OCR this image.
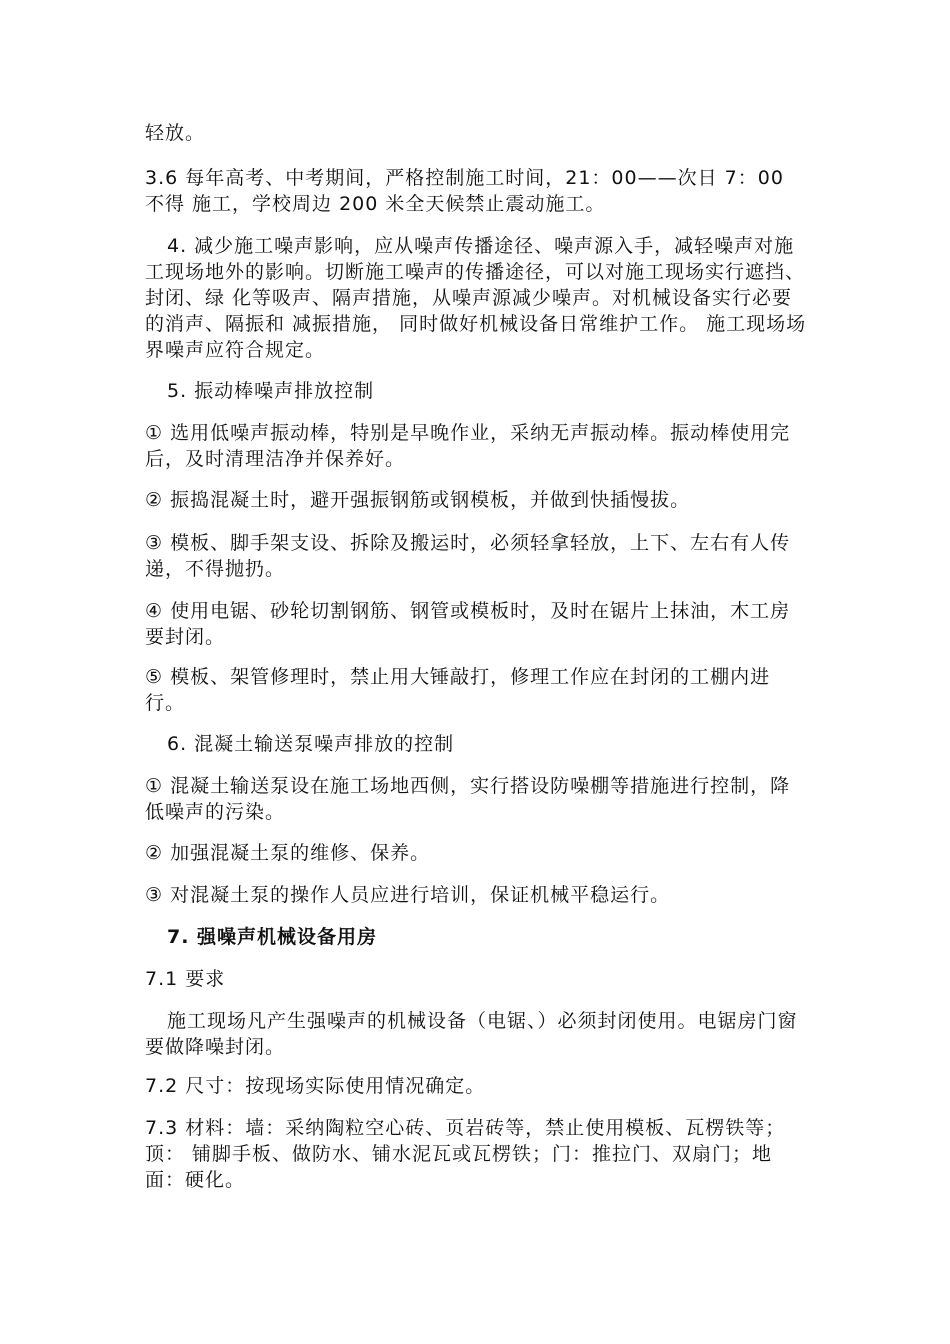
轻放。

3.6 每年高考、中考期间，严格控制施工时间，21：00——次日 7：00 不得 施工，学校周边 200 米全天候禁止震动施工。

4. 减少施工噪声影响，应从噪声传播途径、噪声源入手，减轻噪声对施工现场地外的影响。切断施工噪声的传播途径，可以对施工现场实行遮挡、封闭、绿 化等吸声、隔声措施，从噪声源减少噪声。对机械设备实行必要的消声、隔振和 减振措施， 同时做好机械设备日常维护工作。 施工现场场界噪声应符合规定。

5. 振动棒噪声排放控制

① 选用低噪声振动棒，特别是早晚作业，采纳无声振动棒。振动棒使用完后，及时清理洁净并保养好。

② 振捣混凝土时，避开强振钢筋或钢模板，并做到快插慢拔。

③ 模板、脚手架支设、拆除及搬运时，必须轻拿轻放，上下、左右有人传递，不得抛扔。

④ 使用电锯、砂轮切割钢筋、钢管或模板时，及时在锯片上抹油，木工房要封闭。

⑤ 模板、架管修理时，禁止用大锤敲打，修理工作应在封闭的工棚内进行。

6. 混凝土输送泵噪声排放的控制

① 混凝土输送泵设在施工场地西侧，实行搭设防噪棚等措施进行控制，降低噪声的污染。

② 加强混凝土泵的维修、保养。

③ 对混凝土泵的操作人员应进行培训，保证机械平稳运行。

7. 强噪声机械设备用房

7.1 要求

施工现场凡产生强噪声的机械设备（电锯、）必须封闭使用。电锯房门窗要做降噪封闭。

7.2 尺寸：按现场实际使用情况确定。

7.3 材料：墙：采纳陶粒空心砖、页岩砖等，禁止使用模板、瓦楞铁等； 顶： 铺脚手板、做防水、铺水泥瓦或瓦楞铁；门：推拉门、双扇门；地面：硬化。
